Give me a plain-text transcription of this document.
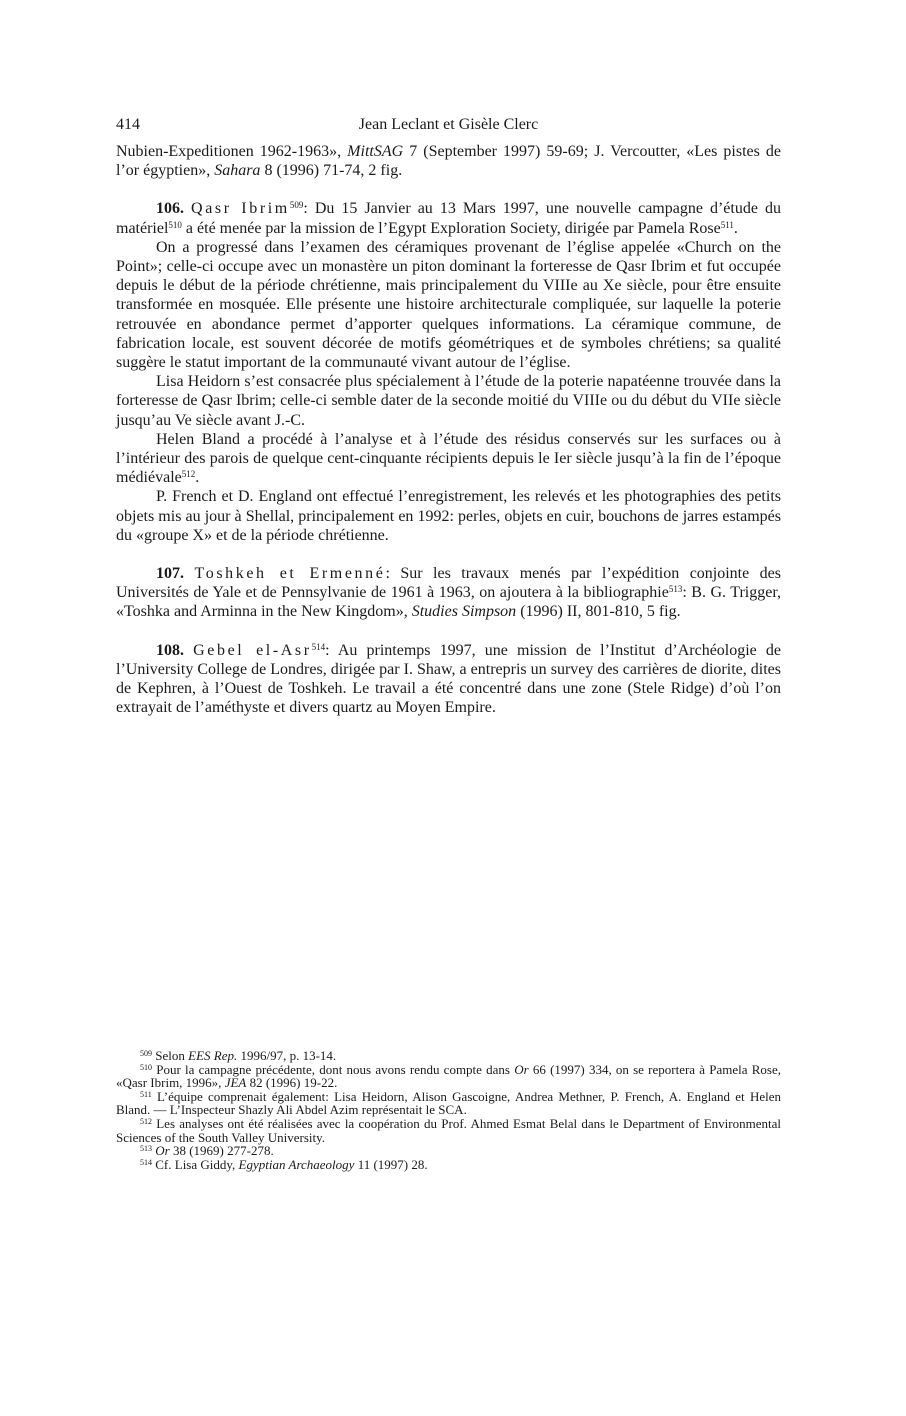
414	Jean Leclant et Gisèle Clerc

Nubien-Expeditionen 1962-1963», MittSAG 7 (September 1997) 59-69; J. Vercoutter, «Les pistes de l’or égyptien», Sahara 8 (1996) 71-74, 2 fig.

106. Qasr Ibrim$^{509}$: Du 15 Janvier au 13 Mars 1997, une nouvelle campagne d’étude du matériel$^{510}$ a été menée par la mission de l’Egypt Exploration Society, dirigée par Pamela Rose$^{511}$.

On a progressé dans l’examen des céramiques provenant de l’église appelée «Church on the Point»; celle-ci occupe avec un monastère un piton dominant la forteresse de Qasr Ibrim et fut occupée depuis le début de la période chrétienne, mais principalement du VIIIe au Xe siècle, pour être ensuite transformée en mosquée. Elle présente une histoire architecturale compliquée, sur laquelle la poterie retrouvée en abondance permet d’apporter quelques informations. La céramique commune, de fabrication locale, est souvent décorée de motifs géométriques et de symboles chrétiens; sa qualité suggère le statut important de la communauté vivant autour de l’église.

Lisa Heidorn s’est consacrée plus spécialement à l’étude de la poterie napatéenne trouvée dans la forteresse de Qasr Ibrim; celle-ci semble dater de la seconde moitié du VIIIe ou du début du VIIe siècle jusqu’au Ve siècle avant J.-C.

Helen Bland a procédé à l’analyse et à l’étude des résidus conservés sur les surfaces ou à l’intérieur des parois de quelque cent-cinquante récipients depuis le Ier siècle jusqu’à la fin de l’époque médiévale$^{512}$.

P. French et D. England ont effectué l’enregistrement, les relevés et les photographies des petits objets mis au jour à Shellal, principalement en 1992: perles, objets en cuir, bouchons de jarres estampés du «groupe X» et de la période chrétienne.

107. Toshkeh et Ermenné: Sur les travaux menés par l’expédition conjointe des Universités de Yale et de Pennsylvanie de 1961 à 1963, on ajoutera à la bibliographie$^{513}$: B. G. Trigger, «Toshka and Arminna in the New Kingdom», Studies Simpson (1996) II, 801-810, 5 fig.

108. Gebel el-Asr$^{514}$: Au printemps 1997, une mission de l’Institut d’Archéologie de l’University College de Londres, dirigée par I. Shaw, a entrepris un survey des carrières de diorite, dites de Kephren, à l’Ouest de Toshkeh. Le travail a été concentré dans une zone (Stele Ridge) d’où l’on extrayait de l’améthyste et divers quartz au Moyen Empire.

$^{509}$ Selon EES Rep. 1996/97, p. 13-14.

$^{510}$ Pour la campagne précédente, dont nous avons rendu compte dans Or 66 (1997) 334, on se reportera à Pamela Rose, «Qasr Ibrim, 1996», JEA 82 (1996) 19-22.

$^{511}$ L’équipe comprenait également: Lisa Heidorn, Alison Gascoigne, Andrea Methner, P. French, A. England et Helen Bland. — L’Inspecteur Shazly Ali Abdel Azim représentait le SCA.

$^{512}$ Les analyses ont été réalisées avec la coopération du Prof. Ahmed Esmat Belal dans le Department of Environmental Sciences of the South Valley University.

$^{513}$ Or 38 (1969) 277-278.

$^{514}$ Cf. Lisa Giddy, Egyptian Archaeology 11 (1997) 28.
